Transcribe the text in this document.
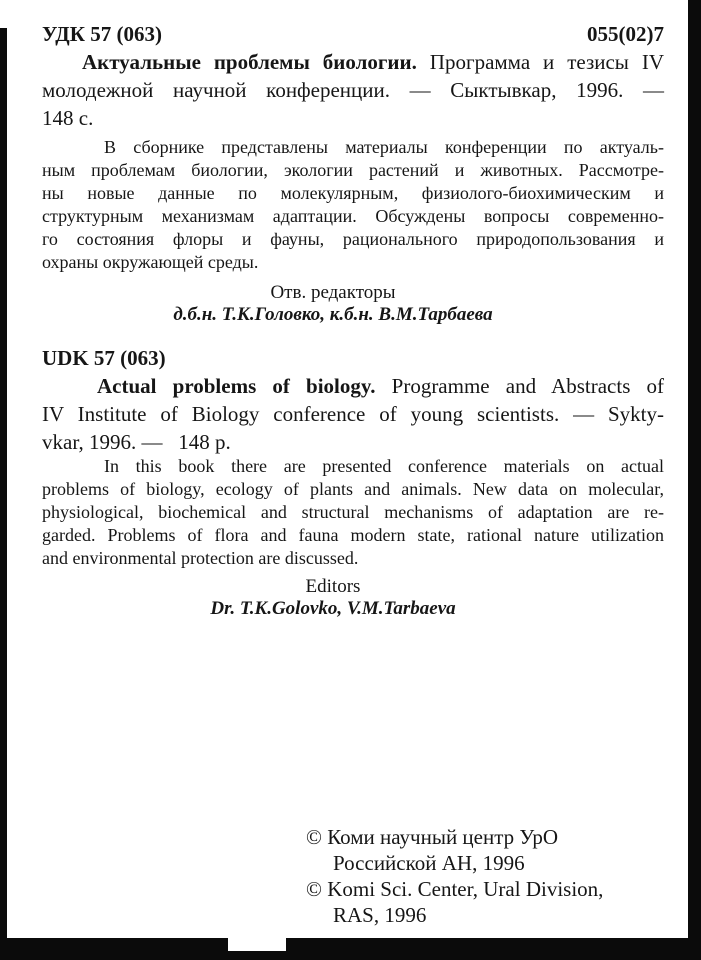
УДК 57 (063)	055(02)7
Актуальные проблемы биологии. Программа и тезисы IV
молодежной научной конференции. — Сыктывкар, 1996. —
148 с.
В сборнике представлены материалы конференции по актуаль-
ным проблемам биологии, экологии растений и животных. Рассмотре-
ны новые данные по молекулярным, физиолого-биохимическим и
структурным механизмам адаптации. Обсуждены вопросы современно-
го состояния флоры и фауны, рационального природопользования и
охраны окружающей среды.
Отв. редакторы
д.б.н. Т.К.Головко, к.б.н. В.М.Тарбаева
UDK 57 (063)
Actual problems of biology. Programme and Abstracts of
IV Institute of Biology conference of young scientists. — Sykty-
vkar, 1996. —   148 p.
In this book there are presented conference materials on actual
problems of biology, ecology of plants and animals. New data on molecular,
physiological, biochemical and structural mechanisms of adaptation are re-
garded. Problems of flora and fauna modern state, rational nature utilization
and environmental protection are discussed.
Editors
Dr. T.K.Golovko, V.M.Tarbaeva
© Коми научный центр УрО
Российской АН, 1996
© Komi Sci. Center, Ural Division,
RAS, 1996
